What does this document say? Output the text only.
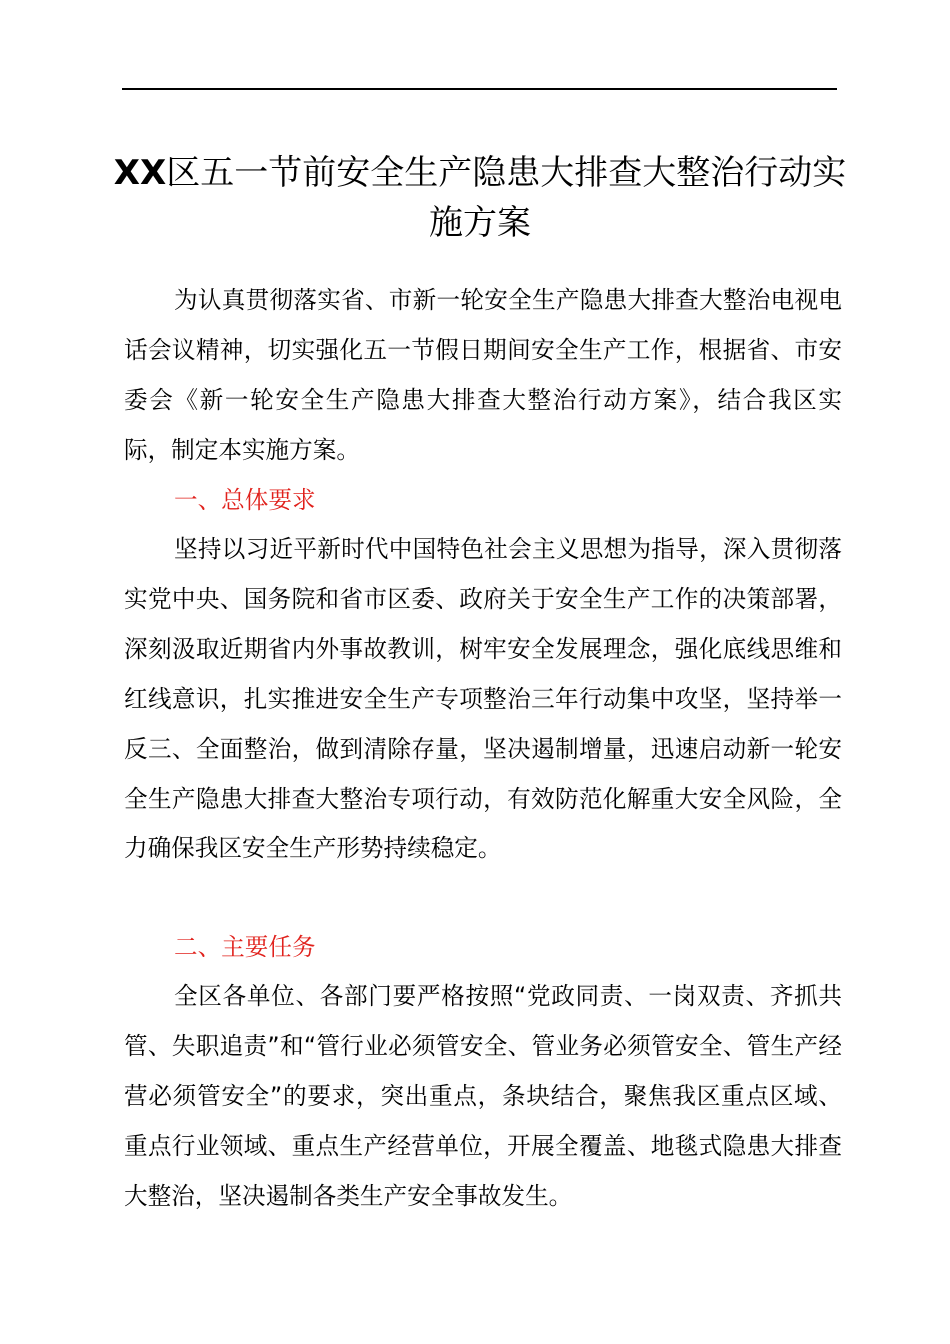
XX区五一节前安全生产隐患大排查大整治行动实施方案

为认真贯彻落实省、市新一轮安全生产隐患大排查大整治电视电话会议精神，切实强化五一节假日期间安全生产工作，根据省、市安委会《新一轮安全生产隐患大排查大整治行动方案》，结合我区实际，制定本实施方案。

一、总体要求

坚持以习近平新时代中国特色社会主义思想为指导，深入贯彻落实党中央、国务院和省市区委、政府关于安全生产工作的决策部署，深刻汲取近期省内外事故教训，树牢安全发展理念，强化底线思维和红线意识，扎实推进安全生产专项整治三年行动集中攻坚，坚持举一反三、全面整治，做到清除存量，坚决遏制增量，迅速启动新一轮安全生产隐患大排查大整治专项行动，有效防范化解重大安全风险，全力确保我区安全生产形势持续稳定。

二、主要任务

全区各单位、各部门要严格按照“党政同责、一岗双责、齐抓共管、失职追责”和“管行业必须管安全、管业务必须管安全、管生产经营必须管安全”的要求，突出重点，条块结合，聚焦我区重点区域、重点行业领域、重点生产经营单位，开展全覆盖、地毯式隐患大排查大整治，坚决遏制各类生产安全事故发生。
